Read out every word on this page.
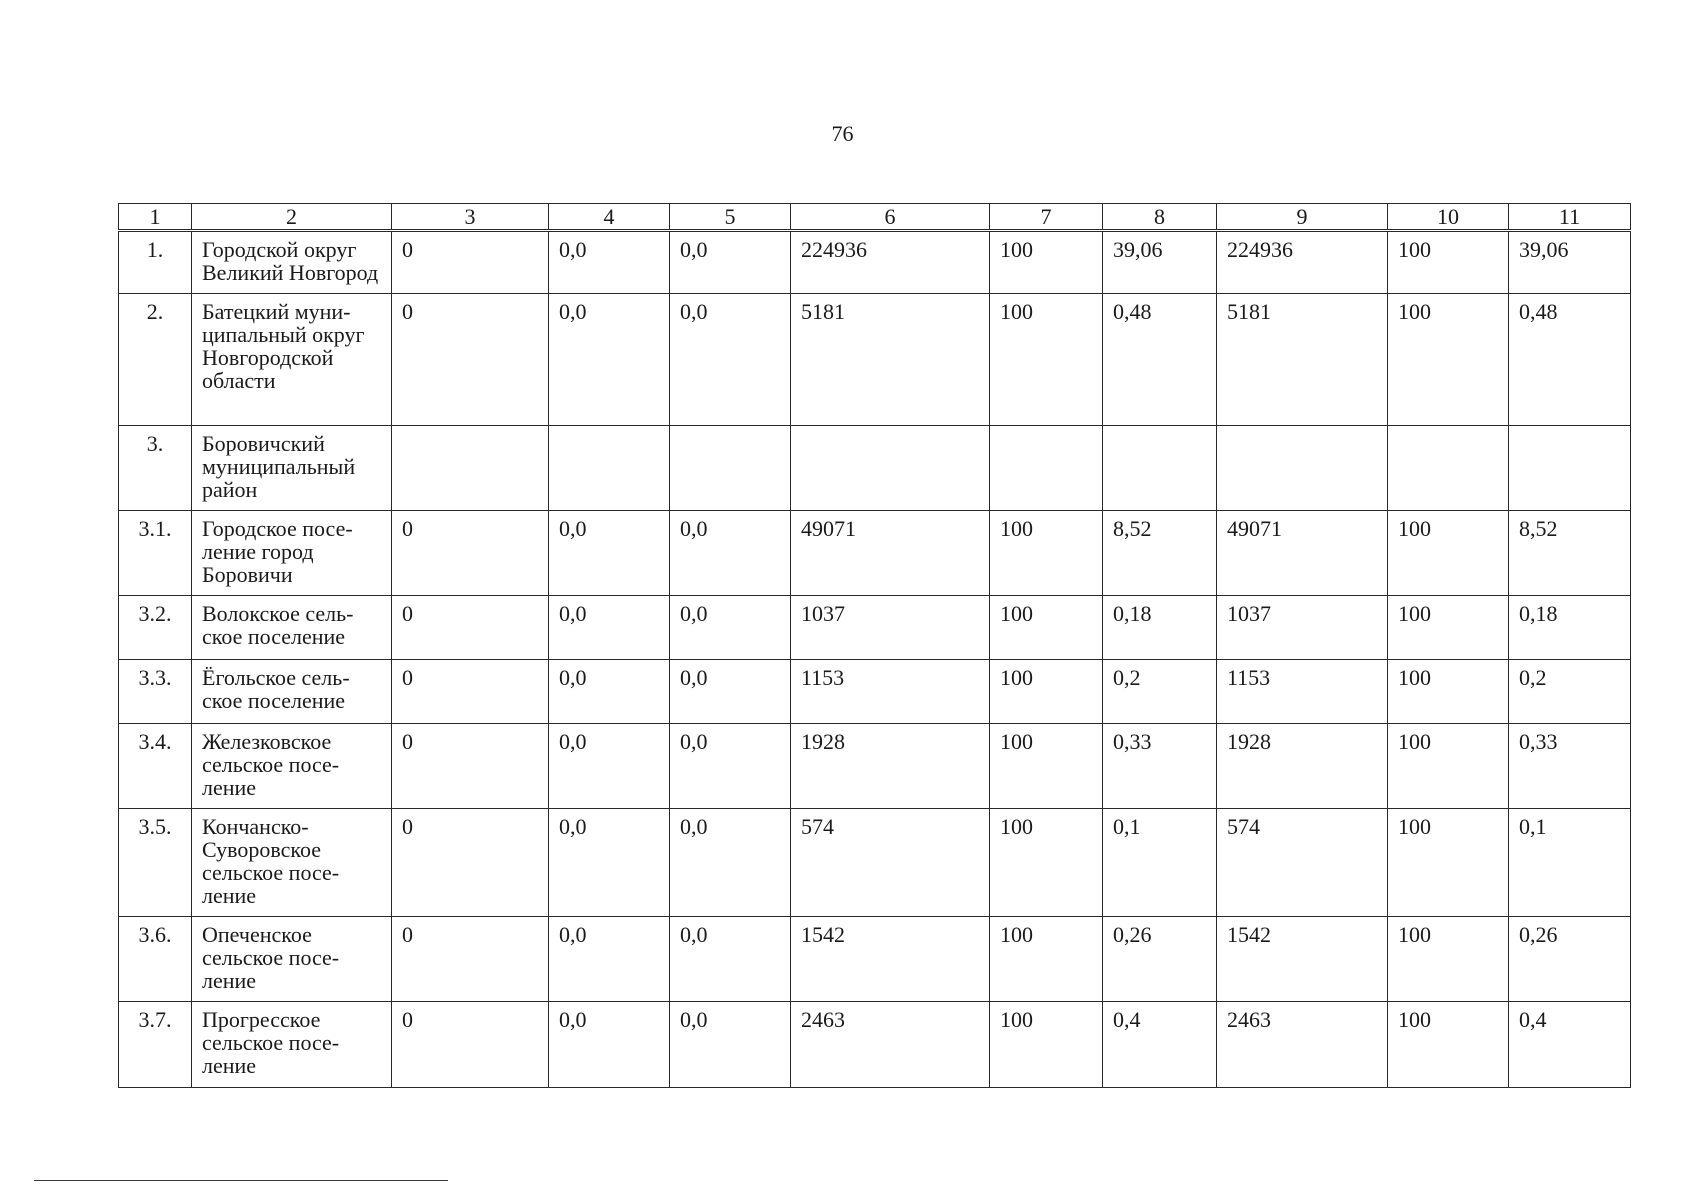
76
1	2	3	4	5	6	7	8	9	10	11
1.	Городской округ Великий Новгород	0	0,0	0,0	224936	100	39,06	224936	100	39,06
2.	Батецкий муни-ципальный округ Новгородской области	0	0,0	0,0	5181	100	0,48	5181	100	0,48
3.	Боровичский муниципальный район									
3.1.	Городское посе-ление город Боровичи	0	0,0	0,0	49071	100	8,52	49071	100	8,52
3.2.	Волокское сель-ское поселение	0	0,0	0,0	1037	100	0,18	1037	100	0,18
3.3.	Ёгольское сель-ское поселение	0	0,0	0,0	1153	100	0,2	1153	100	0,2
3.4.	Железковское сельское посе-ление	0	0,0	0,0	1928	100	0,33	1928	100	0,33
3.5.	Кончанско-Суворовское сельское посе-ление	0	0,0	0,0	574	100	0,1	574	100	0,1
3.6.	Опеченское сельское посе-ление	0	0,0	0,0	1542	100	0,26	1542	100	0,26
3.7.	Прогресское сельское посе-ление	0	0,0	0,0	2463	100	0,4	2463	100	0,4
